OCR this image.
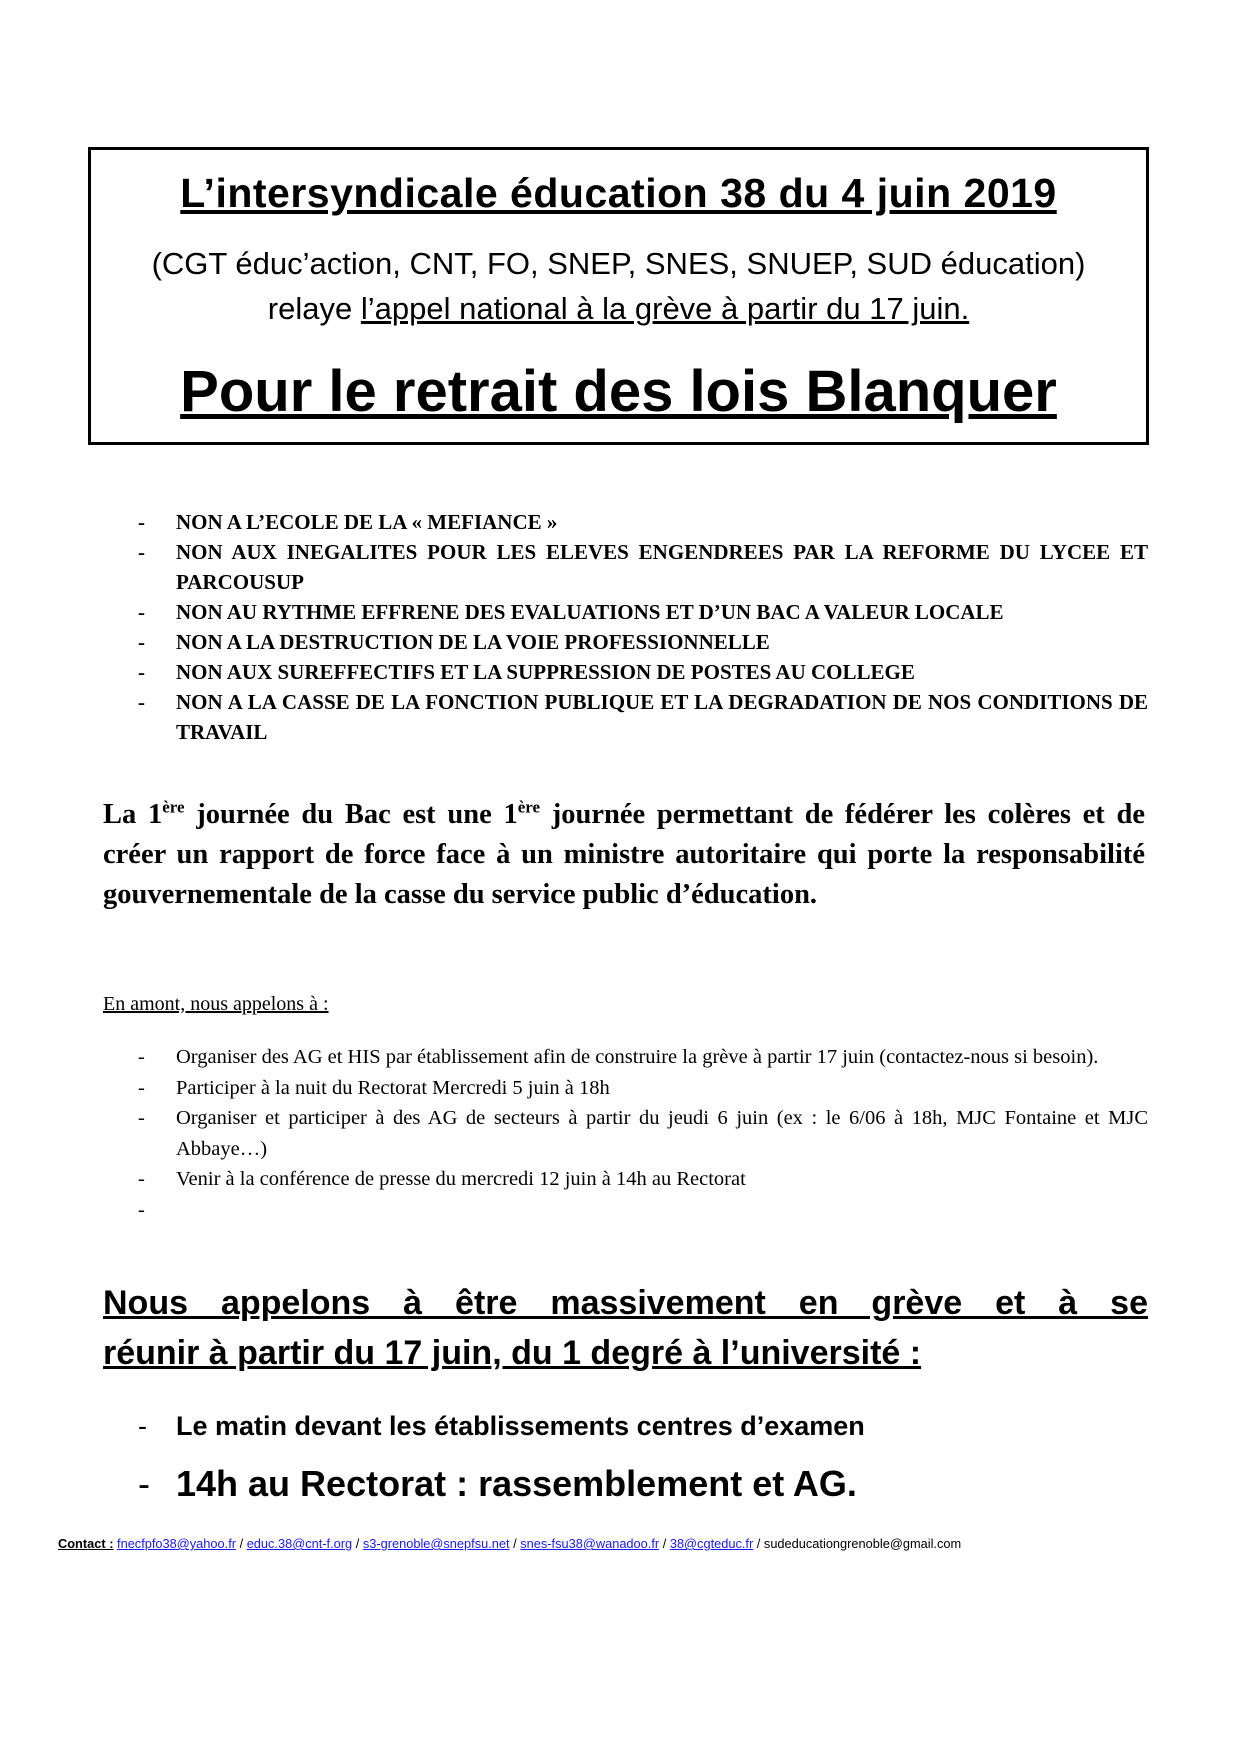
L’intersyndicale éducation 38 du 4 juin 2019
(CGT éduc’action, CNT, FO, SNEP, SNES, SNUEP, SUD éducation)
relaye l’appel national à la grève à partir du 17 juin.
Pour le retrait des lois Blanquer
- NON A L’ECOLE DE LA « MEFIANCE »
- NON AUX INEGALITES POUR LES ELEVES ENGENDREES PAR LA REFORME DU LYCEE ET PARCOUSUP
- NON AU RYTHME EFFRENE DES EVALUATIONS ET D’UN BAC A VALEUR LOCALE
- NON A LA DESTRUCTION DE LA VOIE PROFESSIONNELLE
- NON AUX SUREFFECTIFS ET LA SUPPRESSION DE POSTES AU COLLEGE
- NON A LA CASSE DE LA FONCTION PUBLIQUE ET LA DEGRADATION DE NOS CONDITIONS DE TRAVAIL
La 1ère journée du Bac est une 1ère journée permettant de fédérer les colères et de créer un rapport de force face à un ministre autoritaire qui porte la responsabilité gouvernementale de la casse du service public d’éducation.
En amont, nous appelons à :
- Organiser des AG et HIS par établissement afin de construire la grève à partir 17 juin (contactez-nous si besoin).
- Participer à la nuit du Rectorat Mercredi 5 juin à 18h
- Organiser et participer à des AG de secteurs à partir du jeudi 6 juin (ex : le 6/06 à 18h, MJC Fontaine et MJC Abbaye…)
- Venir à la conférence de presse du mercredi 12 juin à 14h au Rectorat
-

Nous appelons à être massivement en grève et à se
réunir à partir du 17 juin, du 1 degré à l’université :
- Le matin devant les établissements centres d’examen
- 14h au Rectorat : rassemblement et AG.
Contact : fnecfpfo38@yahoo.fr / educ.38@cnt-f.org / s3-grenoble@snepfsu.net / snes-fsu38@wanadoo.fr / 38@cgteduc.fr / sudeducationgrenoble@gmail.com
